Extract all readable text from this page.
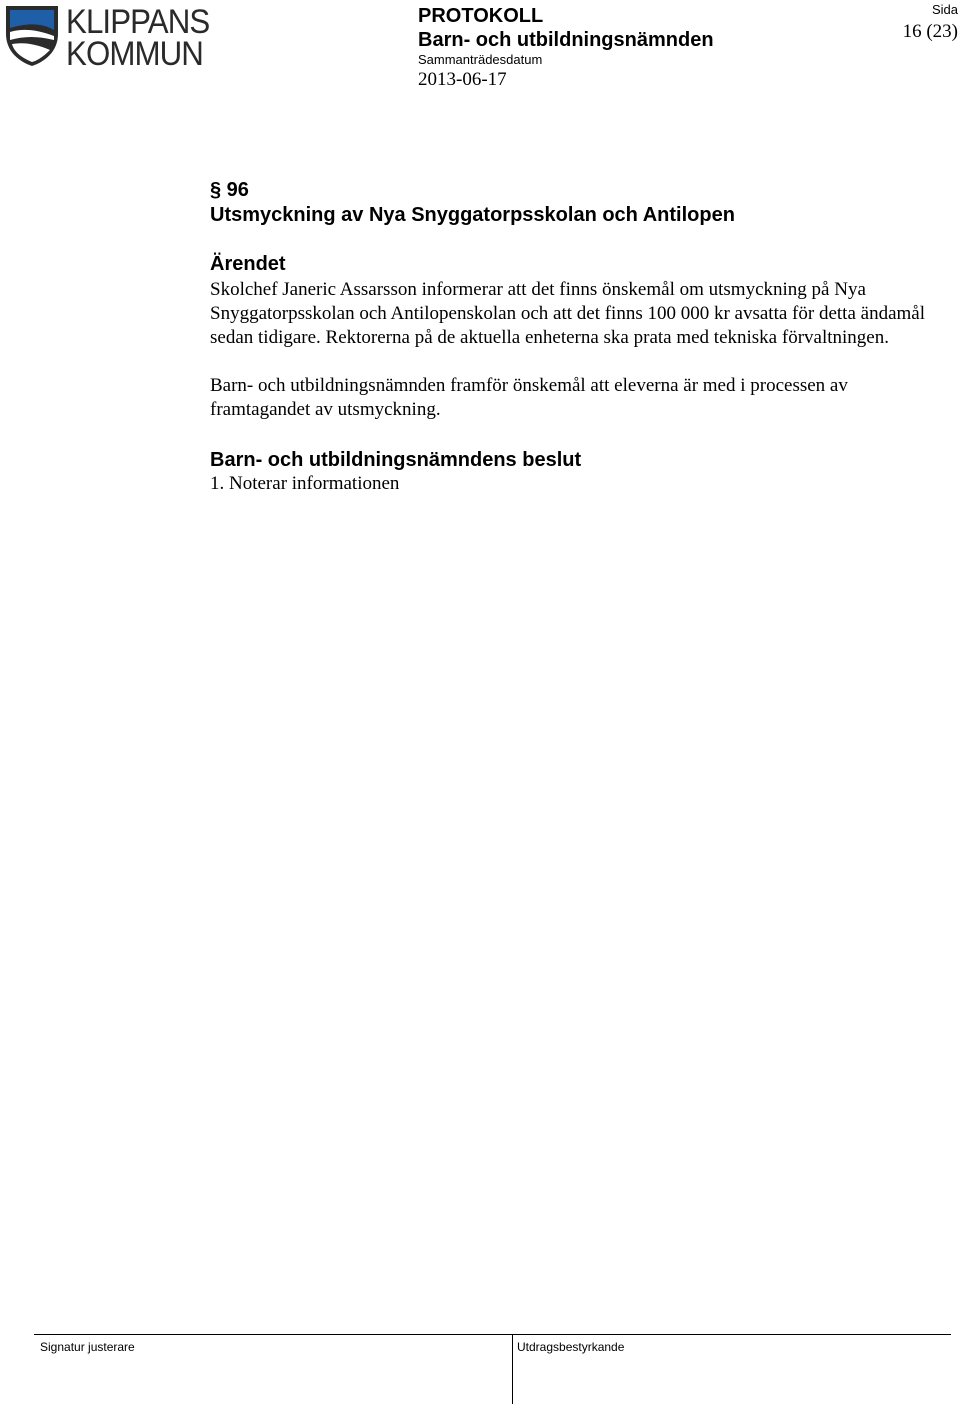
KLIPPANS
KOMMUN
PROTOKOLL
Barn- och utbildningsnämnden
Sammanträdesdatum
2013-06-17
Sida
16 (23)
§ 96
Utsmyckning av Nya Snyggatorpsskolan och Antilopen
Ärendet
Skolchef Janeric Assarsson informerar att det finns önskemål om utsmyckning på Nya Snyggatorpsskolan och Antilopenskolan och att det finns 100 000 kr avsatta för detta ändamål sedan tidigare. Rektorerna på de aktuella enheterna ska prata med tekniska förvaltningen.
Barn- och utbildningsnämnden framför önskemål att eleverna är med i processen av framtagandet av utsmyckning.
Barn- och utbildningsnämndens beslut
1. Noterar informationen
Signatur justerare	Utdragsbestyrkande
